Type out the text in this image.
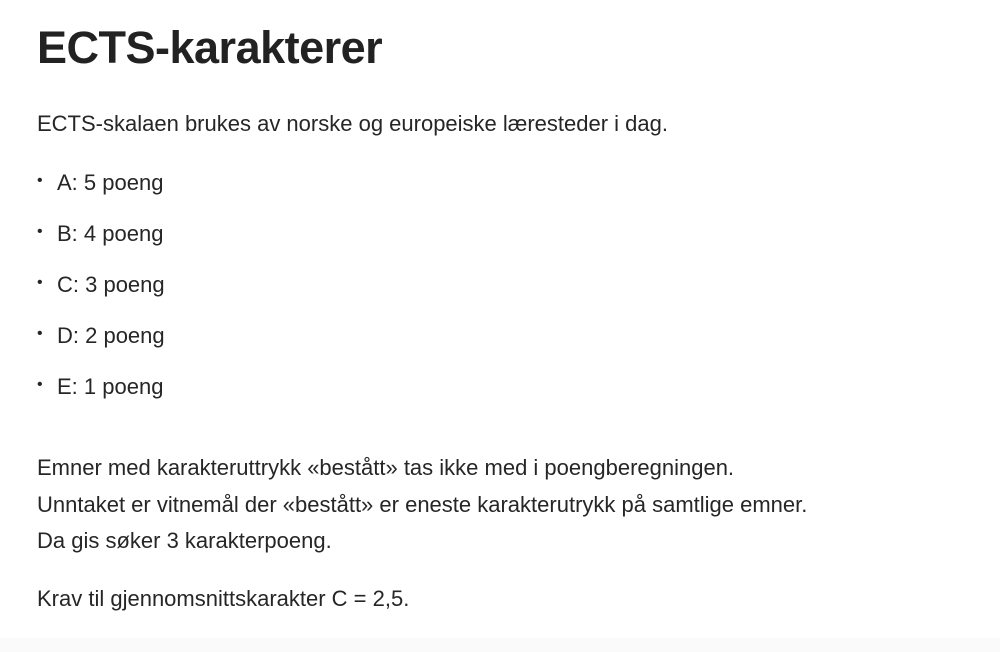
ECTS-karakterer

ECTS-skalaen brukes av norske og europeiske læresteder i dag.

• A: 5 poeng
• B: 4 poeng
• C: 3 poeng
• D: 2 poeng
• E: 1 poeng

Emner med karakteruttrykk «bestått» tas ikke med i poengberegningen.
Unntaket er vitnemål der «bestått» er eneste karakterutrykk på samtlige emner.
Da gis søker 3 karakterpoeng.

Krav til gjennomsnittskarakter C = 2,5.
